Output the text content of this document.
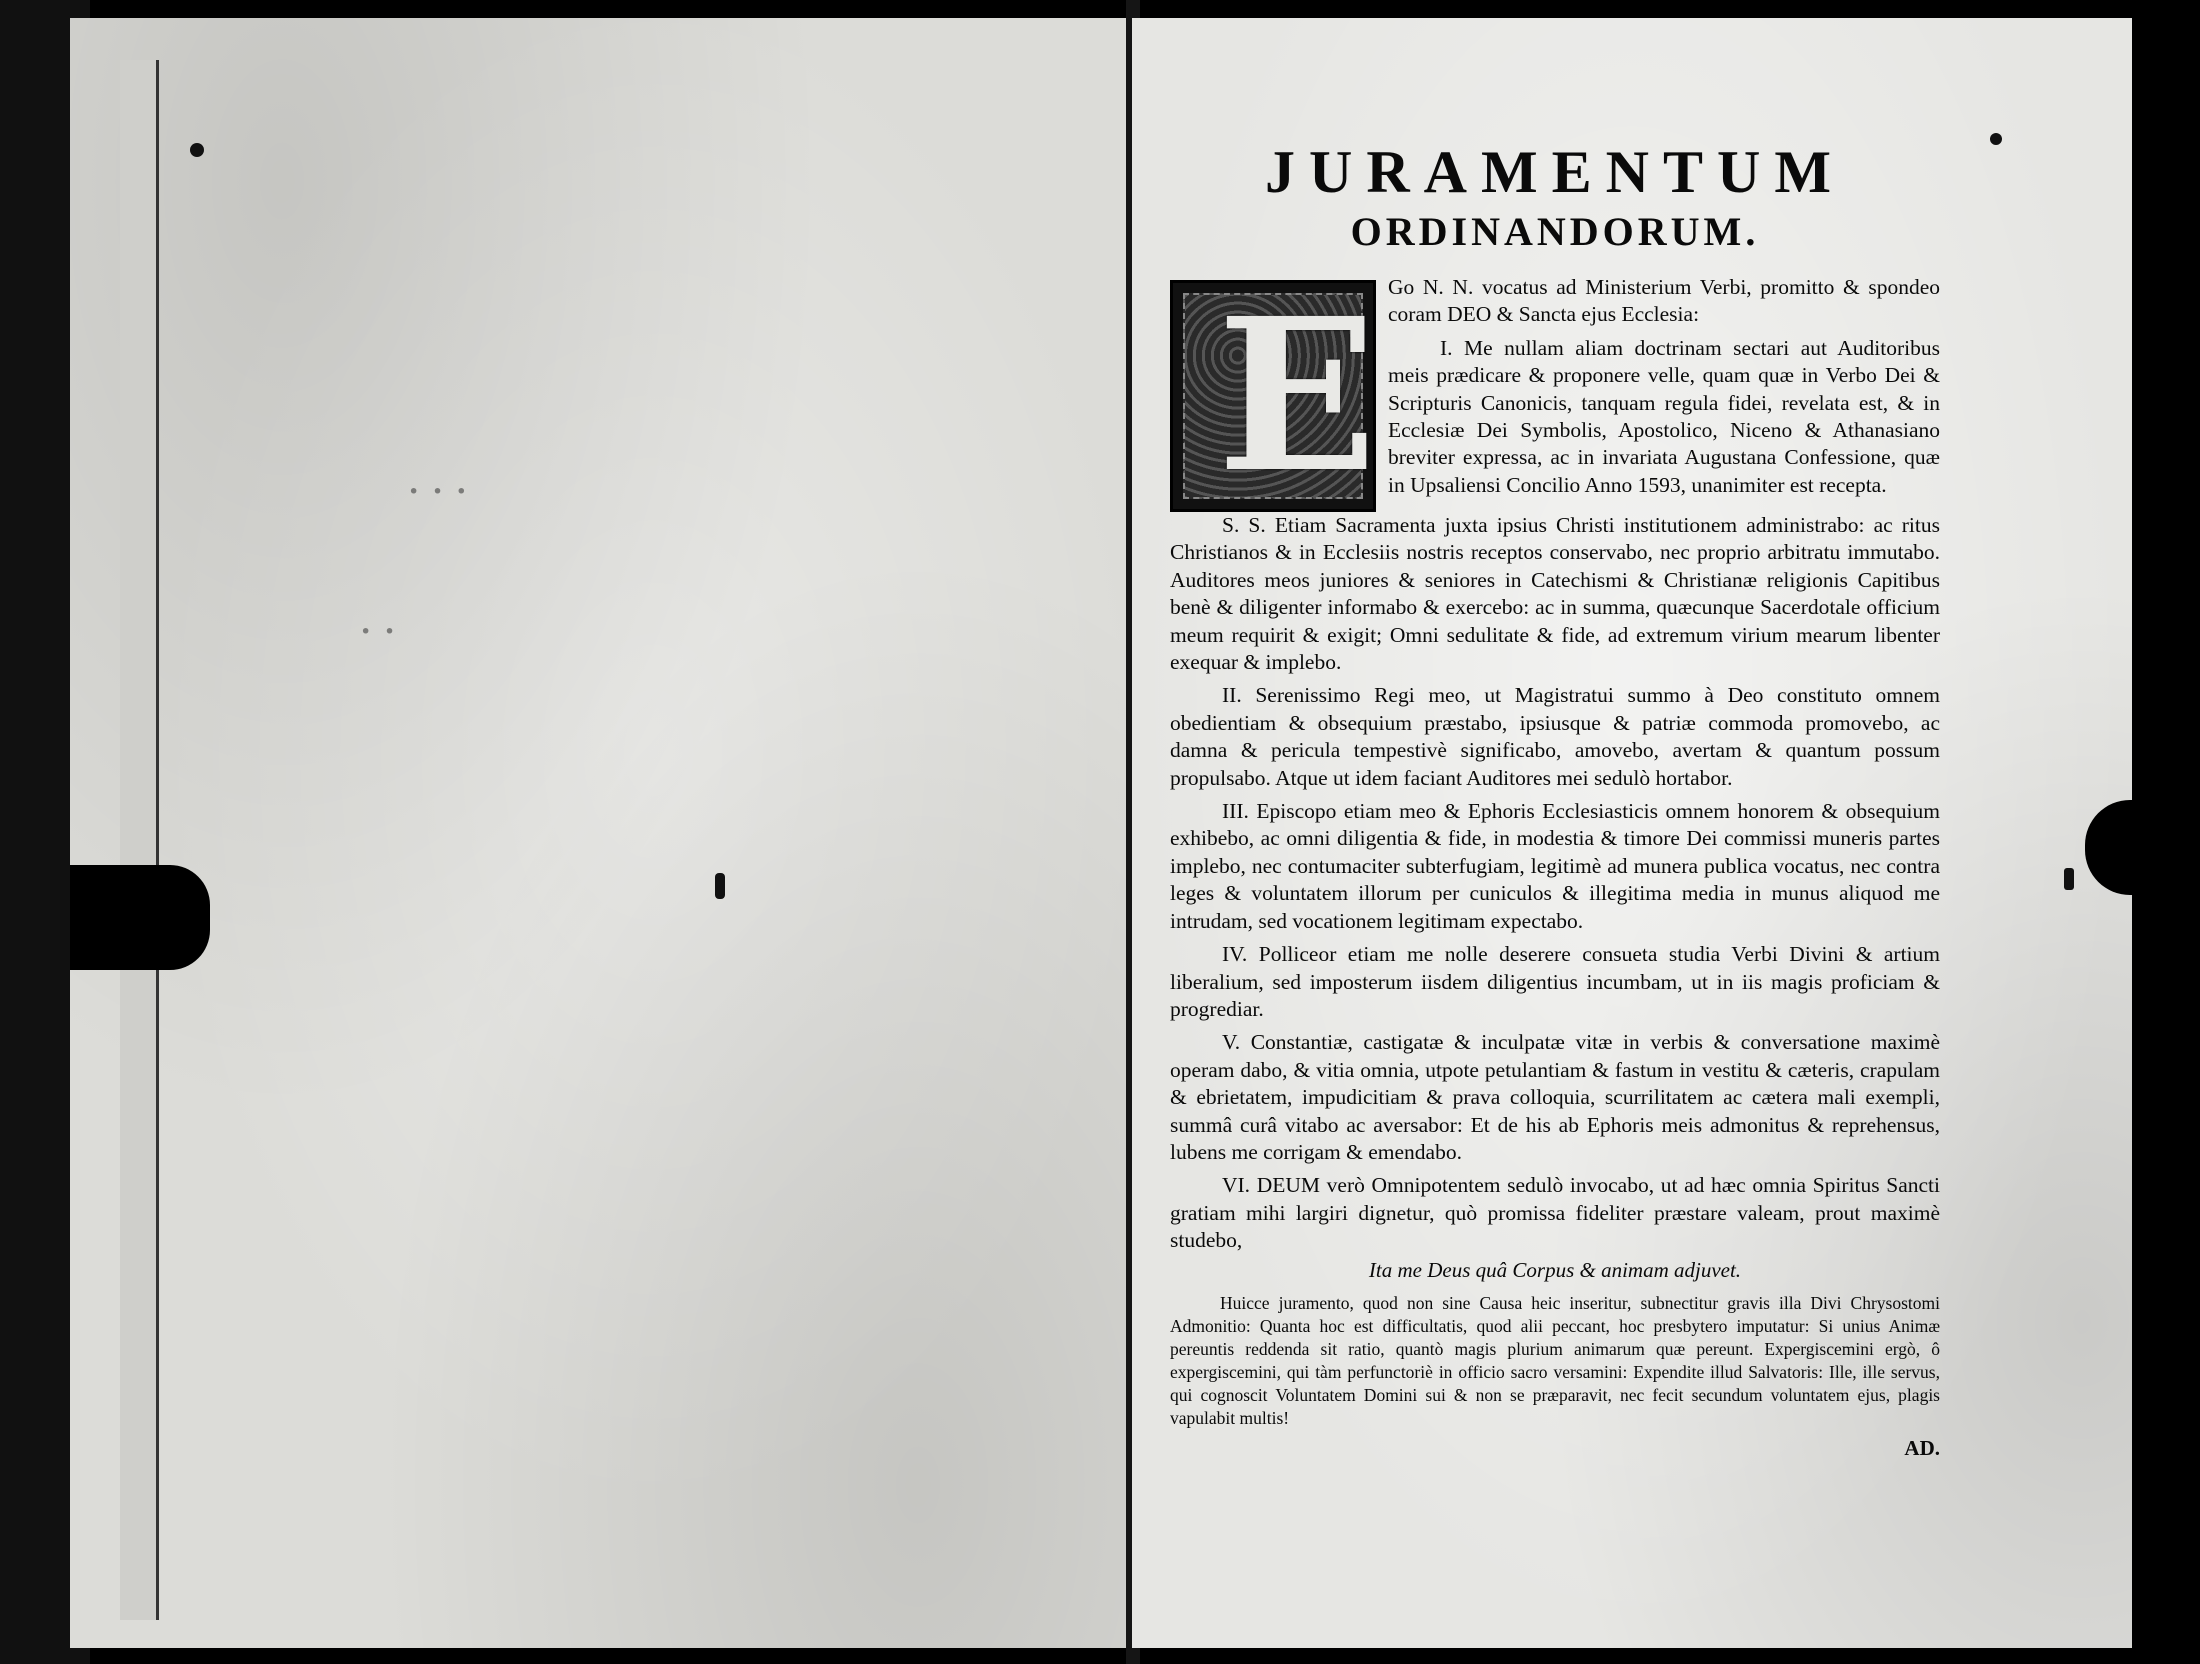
· · ·
· ·
JURAMENTUM
ORDINANDORUM.
E Go N. N. vocatus ad Ministerium Verbi, promitto & spondeo coram DEO & Sancta ejus Ecclesia:

I. Me nullam aliam doctrinam sectari aut Auditoribus meis prædicare & proponere velle, quam quæ in Verbo Dei & Scripturis Canonicis, tanquam regula fidei, revelata est, & in Ecclesiæ Dei Symbolis, Apostolico, Niceno & Athanasiano breviter expressa, ac in invariata Augustana Confessione, quæ in Upsaliensi Concilio Anno 1593, unanimiter est recepta.

S. S. Etiam Sacramenta juxta ipsius Christi institutionem administrabo: ac ritus Christianos & in Ecclesiis nostris receptos conservabo, nec proprio arbitratu immutabo. Auditores meos juniores & seniores in Catechismi & Christianæ religionis Capitibus benè & diligenter informabo & exercebo: ac in summa, quæcunque Sacerdotale officium meum requirit & exigit; Omni sedulitate & fide, ad extremum virium mearum libenter exequar & implebo.

II. Serenissimo Regi meo, ut Magistratui summo à Deo constituto omnem obedientiam & obsequium præstabo, ipsiusque & patriæ commoda promovebo, ac damna & pericula tempestivè significabo, amovebo, avertam & quantum possum propulsabo. Atque ut idem faciant Auditores mei sedulò hortabor.

III. Episcopo etiam meo & Ephoris Ecclesiasticis omnem honorem & obsequium exhibebo, ac omni diligentia & fide, in modestia & timore Dei commissi muneris partes implebo, nec contumaciter subterfugiam, legitimè ad munera publica vocatus, nec contra leges & voluntatem illorum per cuniculos & illegitima media in munus aliquod me intrudam, sed vocationem legitimam expectabo.

IV. Polliceor etiam me nolle deserere consueta studia Verbi Divini & artium liberalium, sed imposterum iisdem diligentius incumbam, ut in iis magis proficiam & progrediar.

V. Constantiæ, castigatæ & inculpatæ vitæ in verbis & conversatione maximè operam dabo, & vitia omnia, utpote petulantiam & fastum in vestitu & cæteris, crapulam & ebrietatem, impudicitiam & prava colloquia, scurrilitatem ac cætera mali exempli, summâ curâ vitabo ac aversabor: Et de his ab Ephoris meis admonitus & reprehensus, lubens me corrigam & emendabo.

VI. DEUM verò Omnipotentem sedulò invocabo, ut ad hæc omnia Spiritus Sancti gratiam mihi largiri dignetur, quò promissa fideliter præstare valeam, prout maximè studebo,

Ita me Deus quâ Corpus & animam adjuvet.

Huicce juramento, quod non sine Causa heic inseritur, subnectitur gravis illa Divi Chrysostomi Admonitio: Quanta hoc est difficultatis, quod alii peccant, hoc presbytero imputatur: Si unius Animæ pereuntis reddenda sit ratio, quantò magis plurium animarum quæ pereunt. Expergiscemini ergò, ô expergiscemini, qui tàm perfunctoriè in officio sacro versamini: Expendite illud Salvatoris: Ille, ille servus, qui cognoscit Voluntatem Domini sui & non se præparavit, nec fecit secundum voluntatem ejus, plagis vapulabit multis!

AD.
